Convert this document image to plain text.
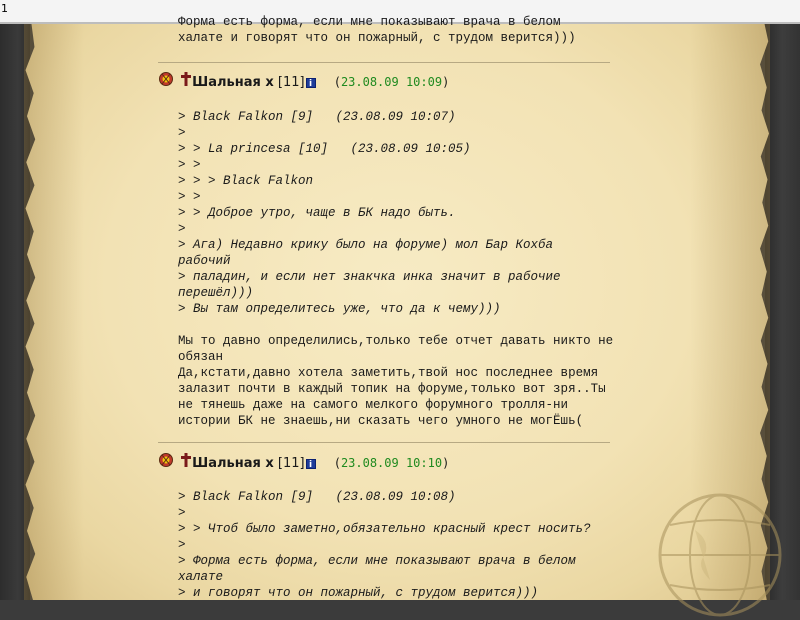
1
Форма есть форма, если мне показывают врача в белом
халате и говорят что он пожарный, с трудом верится)))
Шальная x [11] i (23.08.09 10:09)
> Black Falkon [9]   (23.08.09 10:07)
>
> > La princesa [10]   (23.08.09 10:05)
> >
> > > Black Falkon
> >
> > Доброе утро, чаще в БК надо быть.
>
> Ага) Недавно крику было на форуме) мол Бар Кохба
рабочий
> паладин, и если нет знакчка инка значит в рабочие
перешёл)))
> Вы там определитесь уже, что да к чему)))
Мы то давно определились,только тебе отчет давать никто не
обязан
Да,кстати,давно хотела заметить,твой нос последнее время
залазит почти в каждый топик на форуме,только вот зря..Ты
не тянешь даже на самого мелкого форумного тролля-ни
истории БК не знаешь,ни сказать чего умного не могЁшь(
Шальная x [11] i (23.08.09 10:10)
> Black Falkon [9]   (23.08.09 10:08)
>
> > Чтоб было заметно,обязательно красный крест носить?
>
> Форма есть форма, если мне показывают врача в белом
халате
> и говорят что он пожарный, с трудом верится)))
